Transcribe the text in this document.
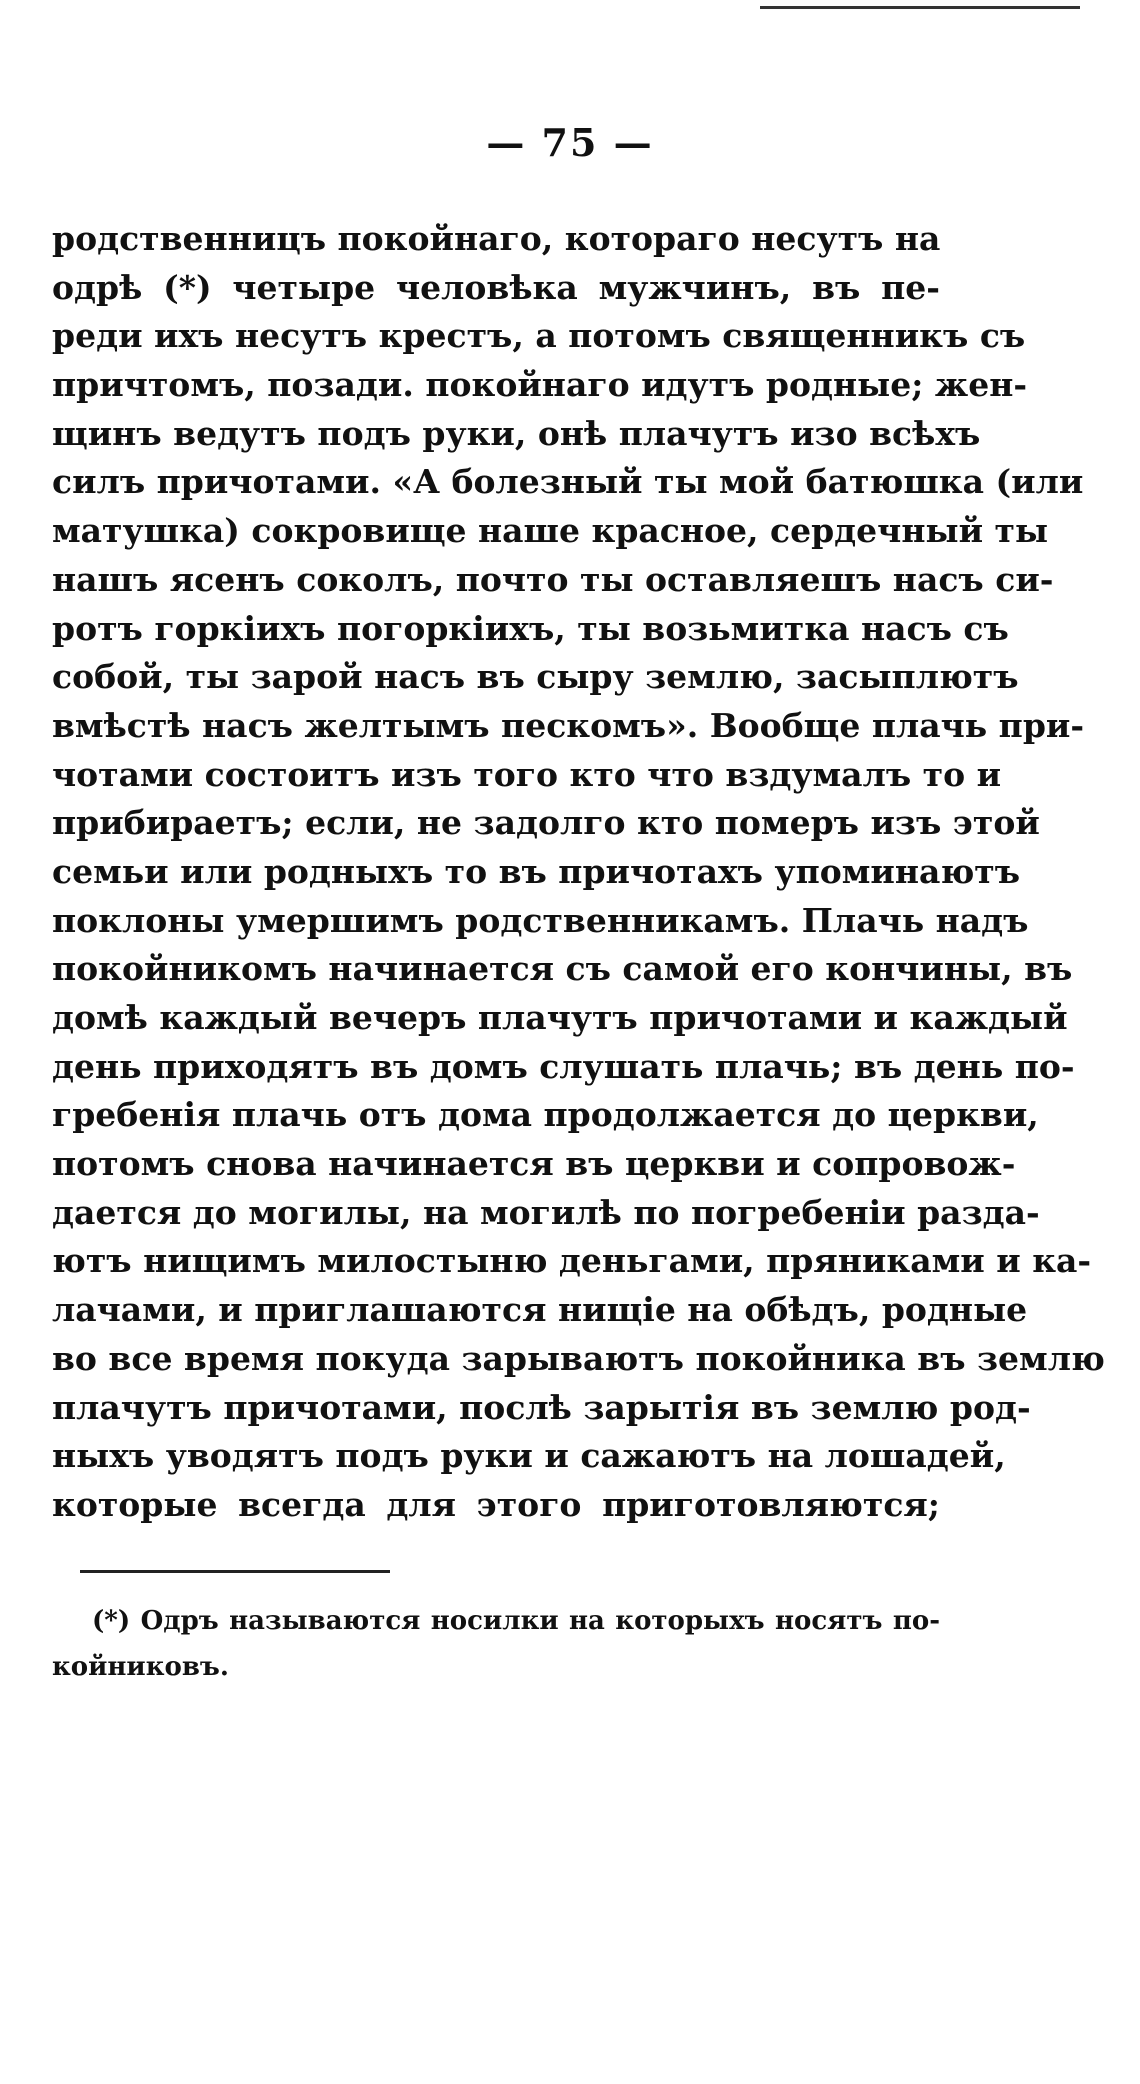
— 75 —
родственницъ покойнаго, котораго несутъ на
одрѣ (*) четыре человѣка мужчинъ, въ пе-
реди ихъ несутъ крестъ, а потомъ священникъ съ
причтомъ, позади. покойнаго идутъ родные; жен-
щинъ ведутъ подъ руки, онѣ плачутъ изо всѣхъ
силъ причотами. «А болезный ты мой батюшка (или
матушка) сокровище наше красное, сердечный ты
нашъ ясенъ соколъ, почто ты оставляешъ насъ си-
ротъ горкіихъ погоркіихъ, ты возьмитка насъ съ
собой, ты зарой насъ въ сыру землю, засыплютъ
вмѣстѣ насъ желтымъ пескомъ». Вообще плачь при-
чотами состоитъ изъ того кто что вздумалъ то и
прибираетъ; если, не задолго кто померъ изъ этой
семьи или родныхъ то въ причотахъ упоминаютъ
поклоны умершимъ родственникамъ. Плачь надъ
покойникомъ начинается съ самой его кончины, въ
домѣ каждый вечеръ плачутъ причотами и каждый
день приходятъ въ домъ слушать плачь; въ день по-
гребенія плачь отъ дома продолжается до церкви,
потомъ снова начинается въ церкви и сопровож-
дается до могилы, на могилѣ по погребеніи разда-
ютъ нищимъ милостыню деньгами, пряниками и ка-
лачами, и приглашаются нищіе на обѣдъ, родные
во все время покуда зарываютъ покойника въ землю
плачутъ причотами, послѣ зарытія въ землю род-
ныхъ уводятъ подъ руки и сажаютъ на лошадей,
которые всегда для этого приготовляются;
(*) Одръ называются носилки на которыхъ носятъ по-
койниковъ.
